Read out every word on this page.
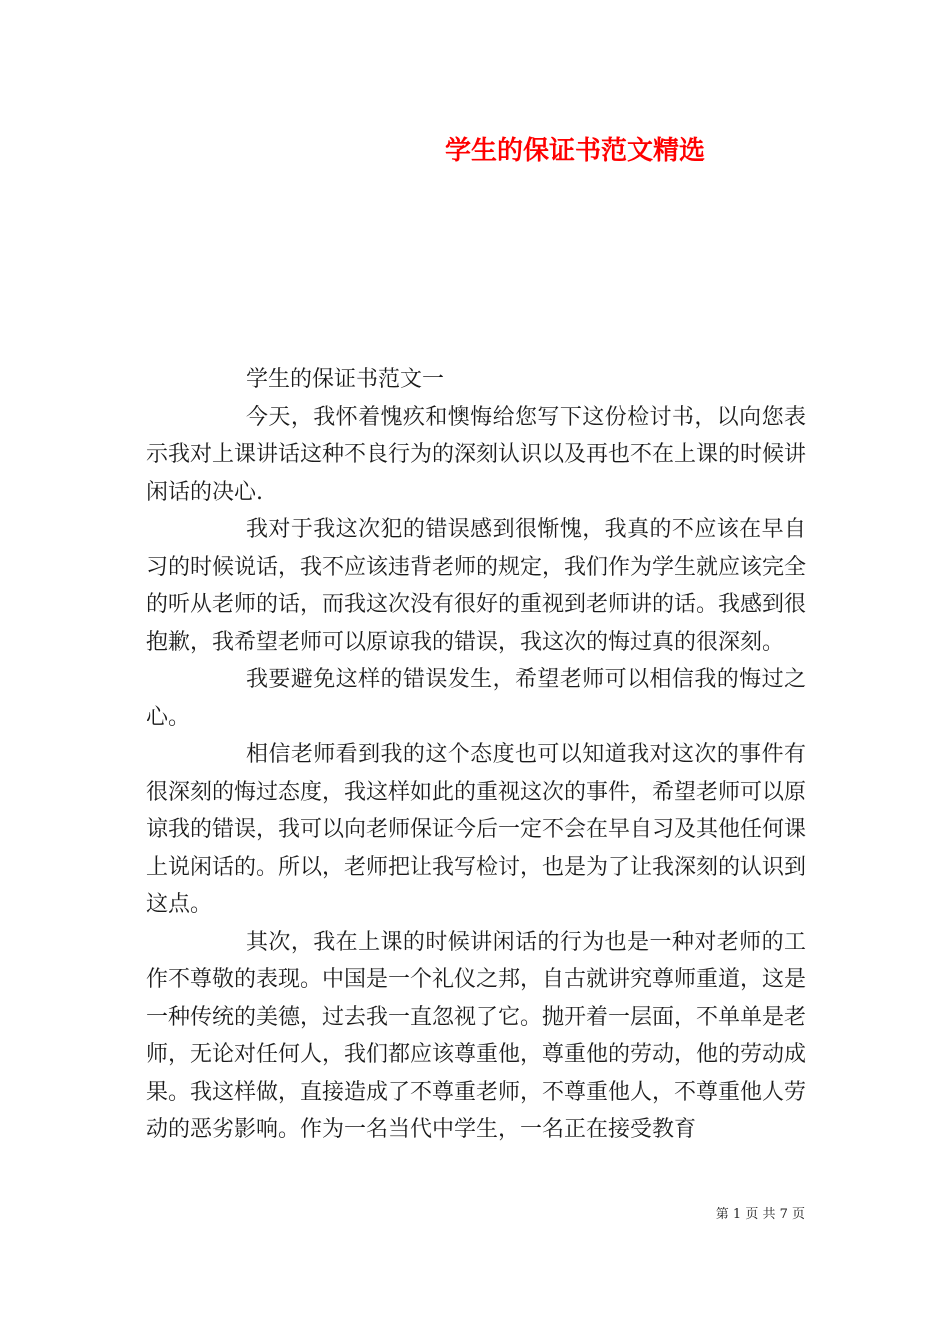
学生的保证书范文精选

学生的保证书范文一

今天，我怀着愧疚和懊悔给您写下这份检讨书，以向您表示我对上课讲话这种不良行为的深刻认识以及再也不在上课的时候讲闲话的决心.

我对于我这次犯的错误感到很惭愧，我真的不应该在早自习的时候说话，我不应该违背老师的规定，我们作为学生就应该完全的听从老师的话，而我这次没有很好的重视到老师讲的话。我感到很抱歉，我希望老师可以原谅我的错误，我这次的悔过真的很深刻。

我要避免这样的错误发生，希望老师可以相信我的悔过之心。

相信老师看到我的这个态度也可以知道我对这次的事件有很深刻的悔过态度，我这样如此的重视这次的事件，希望老师可以原谅我的错误，我可以向老师保证今后一定不会在早自习及其他任何课上说闲话的。所以，老师把让我写检讨，也是为了让我深刻的认识到这点。

其次，我在上课的时候讲闲话的行为也是一种对老师的工作不尊敬的表现。中国是一个礼仪之邦，自古就讲究尊师重道，这是一种传统的美德，过去我一直忽视了它。抛开着一层面，不单单是老师，无论对任何人，我们都应该尊重他，尊重他的劳动，他的劳动成果。我这样做，直接造成了不尊重老师，不尊重他人，不尊重他人劳动的恶劣影响。作为一名当代中学生，一名正在接受教育

第 1 页 共 7 页
